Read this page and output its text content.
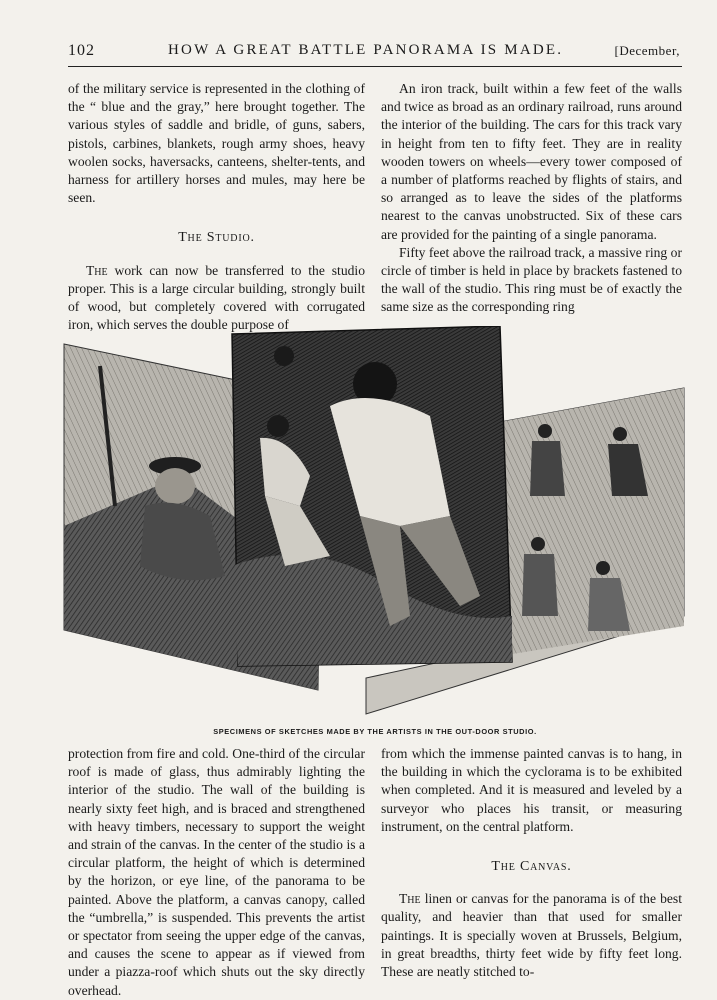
102	HOW A GREAT BATTLE PANORAMA IS MADE.	[December,

of the military service is represented in the clothing of the “ blue and the gray,” here brought together. The various styles of saddle and bridle, of guns, sabers, pistols, carbines, blankets, rough army shoes, heavy woolen socks, haversacks, canteens, shelter-tents, and harness for artillery horses and mules, may here be seen.

The Studio.

The work can now be transferred to the studio proper. This is a large circular building, strongly built of wood, but completely covered with corrugated iron, which serves the double purpose of

An iron track, built within a few feet of the walls and twice as broad as an ordinary railroad, runs around the interior of the building. The cars for this track vary in height from ten to fifty feet. They are in reality wooden towers on wheels—every tower composed of a number of platforms reached by flights of stairs, and so arranged as to leave the sides of the platforms nearest to the canvas unobstructed. Six of these cars are provided for the painting of a single panorama.

Fifty feet above the railroad track, a massive ring or circle of timber is held in place by brackets fastened to the wall of the studio. This ring must be of exactly the same size as the corresponding ring

SPECIMENS OF SKETCHES MADE BY THE ARTISTS IN THE OUT-DOOR STUDIO.

protection from fire and cold. One-third of the circular roof is made of glass, thus admirably lighting the interior of the studio. The wall of the building is nearly sixty feet high, and is braced and strengthened with heavy timbers, necessary to support the weight and strain of the canvas. In the center of the studio is a circular platform, the height of which is determined by the horizon, or eye line, of the panorama to be painted. Above the platform, a canvas canopy, called the “umbrella,” is suspended. This prevents the artist or spectator from seeing the upper edge of the canvas, and causes the scene to appear as if viewed from under a piazza-roof which shuts out the sky directly overhead.

from which the immense painted canvas is to hang, in the building in which the cyclorama is to be exhibited when completed. And it is measured and leveled by a surveyor who places his transit, or measuring instrument, on the central platform.

The Canvas.

The linen or canvas for the panorama is of the best quality, and heavier than that used for smaller paintings. It is specially woven at Brussels, Belgium, in great breadths, thirty feet wide by fifty feet long. These are neatly stitched to-
